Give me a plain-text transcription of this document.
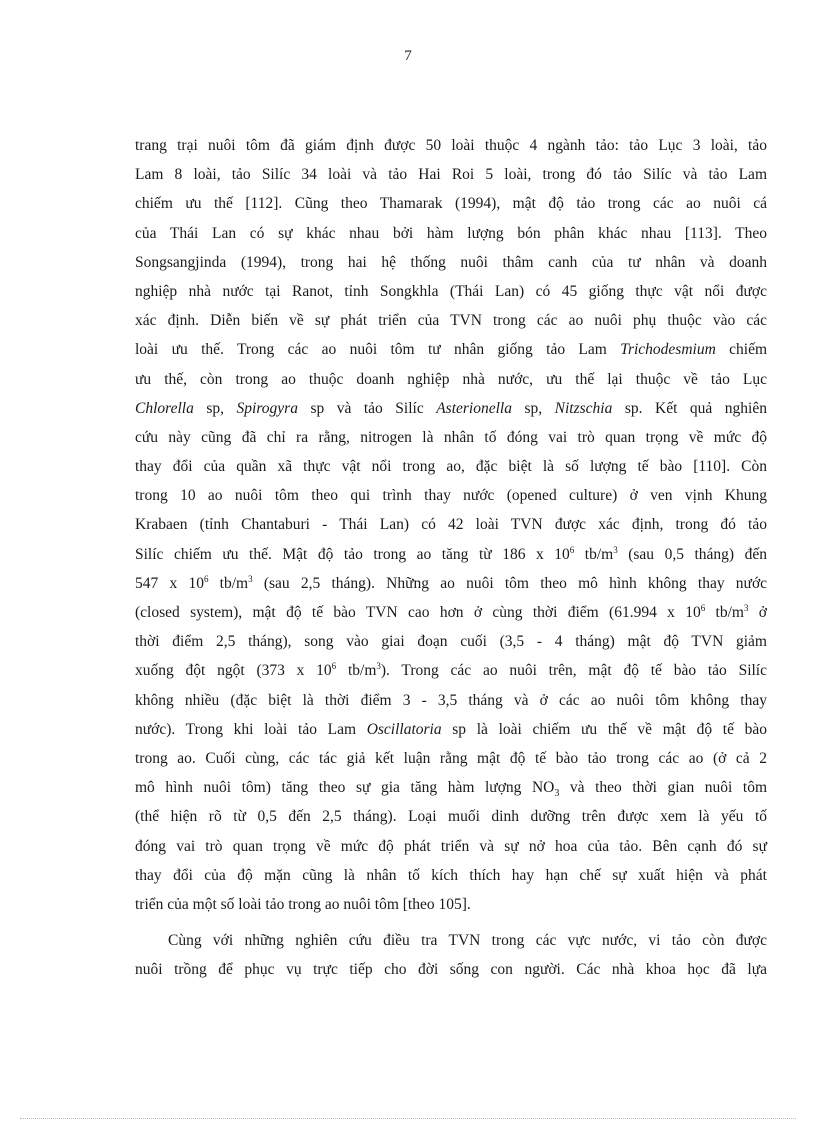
7
trang trại nuôi tôm đã giám định được 50 loài thuộc 4 ngành tảo: tảo Lục 3 loài, tảo
Lam 8 loài, tảo Silíc 34 loài và tảo Hai Roi 5 loài, trong đó tảo Silíc và tảo Lam
chiếm ưu thế [112]. Cũng theo Thamarak (1994), mật độ tảo trong các ao nuôi cá
của Thái Lan có sự khác nhau bởi hàm lượng bón phân khác nhau [113]. Theo
Songsangjinda (1994), trong hai hệ thống nuôi thâm canh của tư nhân và doanh
nghiệp nhà nước tại Ranot, tỉnh Songkhla (Thái Lan) có 45 giống thực vật nổi được
xác định. Diễn biến về sự phát triển của TVN trong các ao nuôi phụ thuộc vào các
loài ưu thế. Trong các ao nuôi tôm tư nhân giống tảo Lam Trichodesmium chiếm
ưu thế, còn trong ao thuộc doanh nghiệp nhà nước, ưu thế lại thuộc về tảo Lục
Chlorella sp, Spirogyra sp và tảo Silíc Asterionella sp, Nitzschia sp. Kết quả nghiên
cứu này cũng đã chỉ ra rằng, nitrogen là nhân tố đóng vai trò quan trọng về mức độ
thay đổi của quần xã thực vật nổi trong ao, đặc biệt là số lượng tế bào [110]. Còn
trong 10 ao nuôi tôm theo qui trình thay nước (opened culture) ở ven vịnh Khung
Krabaen (tỉnh Chantaburi - Thái Lan) có 42 loài TVN được xác định, trong đó tảo
Silíc chiếm ưu thế. Mật độ tảo trong ao tăng từ 186 x $10^6$ $tb/m^3$ (sau 0,5 tháng) đến
547 x $10^6$ $tb/m^3$ (sau 2,5 tháng). Những ao nuôi tôm theo mô hình không thay nước
(closed system), mật độ tế bào TVN cao hơn ở cùng thời điểm (61.994 x $10^6$ $tb/m^3$ ở
thời điểm 2,5 tháng), song vào giai đoạn cuối (3,5 - 4 tháng) mật độ TVN giảm
xuống đột ngột (373 x $10^6$ $tb/m^3$). Trong các ao nuôi trên, mật độ tế bào tảo Silíc
không nhiều (đặc biệt là thời điểm 3 - 3,5 tháng và ở các ao nuôi tôm không thay
nước). Trong khi loài tảo Lam Oscillatoria sp là loài chiếm ưu thế về mật độ tế bào
trong ao. Cuối cùng, các tác giả kết luận rằng mật độ tế bào tảo trong các ao (ở cả 2
mô hình nuôi tôm) tăng theo sự gia tăng hàm lượng $NO_3$ và theo thời gian nuôi tôm
(thể hiện rõ từ 0,5 đến 2,5 tháng). Loại muối dinh dưỡng trên được xem là yếu tố
đóng vai trò quan trọng về mức độ phát triển và sự nở hoa của tảo. Bên cạnh đó sự
thay đổi của độ mặn cũng là nhân tố kích thích hay hạn chế sự xuất hiện và phát
triển của một số loài tảo trong ao nuôi tôm [theo 105].
Cùng với những nghiên cứu điều tra TVN trong các vực nước, vi tảo còn được
nuôi trồng để phục vụ trực tiếp cho đời sống con người. Các nhà khoa học đã lựa
